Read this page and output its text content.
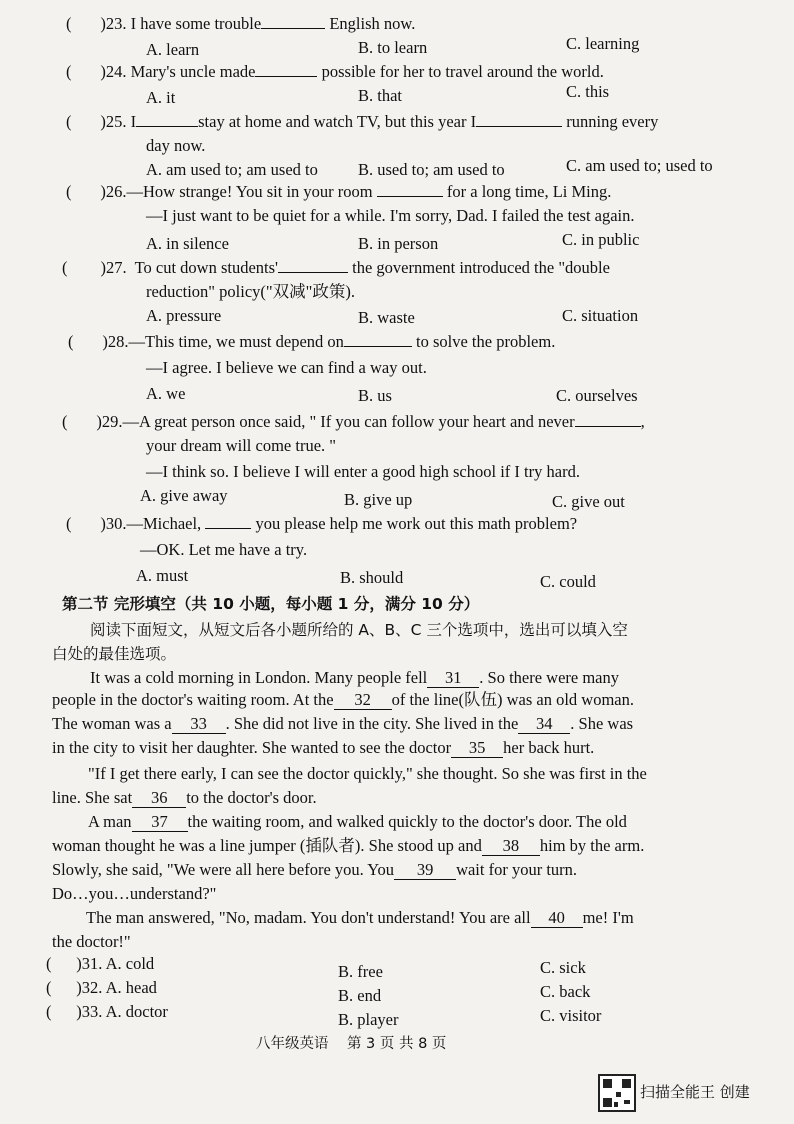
(       )23. I have some trouble	English now.
A. learn	B. to learn	C. learning
(       )24. Mary's uncle made	possible for her to travel around the world.
A. it	B. that	C. this
(       )25. I	stay at home and watch TV, but this year I	running every
day now.
A. am used to; am used to B. used to; am used to	C. am used to; used to
(       )26.—How strange! You sit in your room	for a long time, Li Ming.
—I just want to be quiet for a while. I'm sorry, Dad. I failed the test again.
A. in silence	B. in person	C. in public
(        )27.  To cut down students'	the government introduced the "double
reduction" policy("双减"政策).
A. pressure	B. waste	C. situation
(       )28.—This time, we must depend on	to solve the problem.
—I agree. I believe we can find a way out.
A. we	B. us	C. ourselves
(       )29.—A great person once said, " If you can follow your heart and never	,
your dream will come true. "
—I think so. I believe I will enter a good high school if I try hard.
A. give away	B. give up	C. give out
(       )30.—Michael,	you please help me work out this math problem?
—OK. Let me have a try.
A. must	B. should	C. could
第二节 完形填空（共 10 小题，每小题 1 分，满分 10 分）
阅读下面短文，从短文后各小题所给的 A、B、C 三个选项中，选出可以填入空
白处的最佳选项。
It was a cold morning in London. Many people fell 31 . So there were many
people in the doctor's waiting room. At the 32 of the line(队伍) was an old woman.
The woman was a 33 . She did not live in the city. She lived in the 34 . She was
in the city to visit her daughter. She wanted to see the doctor 35 her back hurt.
"If I get there early, I can see the doctor quickly," she thought. So she was first in the
line. She sat 36 to the doctor's door.
A man 37 the waiting room, and walked quickly to the doctor's door. The old
woman thought he was a line jumper (插队者). She stood up and 38 him by the arm.
Slowly, she said, "We were all here before you. You 39 wait for your turn.
Do…you…understand?"
The man answered, "No, madam. You don't understand! You are all 40 me! I'm
the doctor!"
(      )31. A. cold	B. free	C. sick
(      )32. A. head	B. end	C. back
(      )33. A. doctor	B. player	C. visitor
八年级英语 第 3 页 共 8 页
扫描全能王 创建
